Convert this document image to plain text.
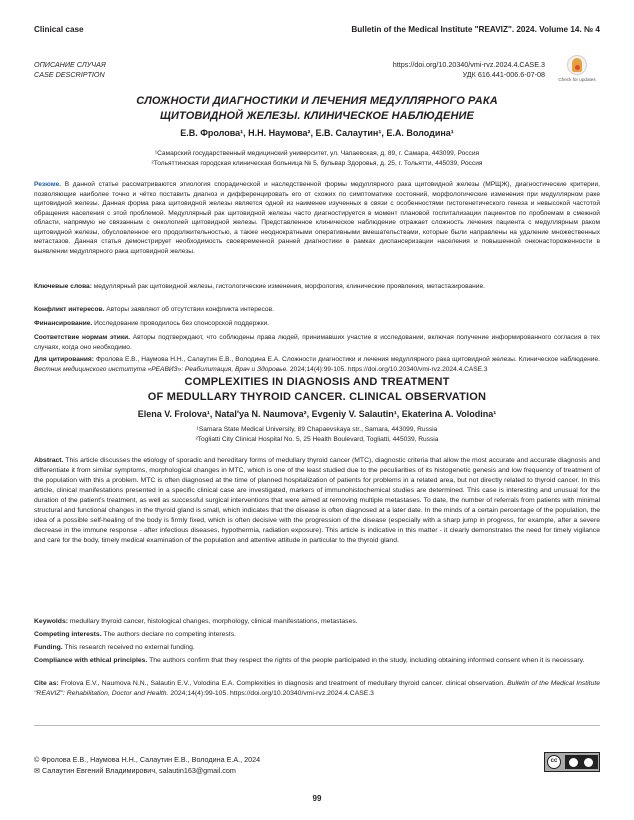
Clinical case	Bulletin of the Medical Institute "REAVIZ". 2024. Volume 14. № 4
ОПИСАНИЕ СЛУЧАЯ
CASE DESCRIPTION
https://doi.org/10.20340/vmi-rvz.2024.4.CASE.3
УДК 616.441-006.6-07-08
Check for updates
СЛОЖНОСТИ ДИАГНОСТИКИ И ЛЕЧЕНИЯ МЕДУЛЛЯРНОГО РАКА
ЩИТОВИДНОЙ ЖЕЛЕЗЫ. КЛИНИЧЕСКОЕ НАБЛЮДЕНИЕ
Е.В. Фролова¹, Н.Н. Наумова², Е.В. Салаутин¹, Е.А. Володина¹
¹Самарский государственный медицинский университет, ул. Чапаевская, д. 89, г. Самара, 443099, Россия
²Тольяттинская городская клиническая больница № 5, бульвар Здоровья, д. 25, г. Тольятти, 445039, Россия
Резюме. В данной статье рассматриваются этиология спорадической и наследственной формы медуллярного рака щитовидной железы (МРЩЖ), диагностические критерии, позволяющие наиболее точно и чётко поставить диагноз и дифференцировать его от схожих по симптоматике состояний, морфологические изменения при медуллярном раке щитовидной железы. Данная форма рака щитовидной железы является одной из наименее изученных в связи с особенностями гистогенетического генеза и невысокой частотой обращения населения с этой проблемой. Медуллярный рак щитовидной железы часто диагностируется в момент плановой госпитализации пациентов по проблемам в смежной области, напрямую не связанным с онкологией щитовидной железы. Представленное клиническое наблюдение отражает сложность лечения пациента с медуллярным раком щитовидной железы, обусловленное его продолжительностью, а также неоднократными оперативными вмешательствами, которые были направлены на удаление множественных метастазов. Данная статья демонстрирует необходимость своевременной ранней диагностики в рамках диспансеризации населения и повышенной онконастороженности в выявлении медуллярного рака щитовидной железы.
Ключевые слова: медуллярный рак щитовидной железы, гистологические изменения, морфология, клинические проявления, метастазирование.
Конфликт интересов. Авторы заявляют об отсутствии конфликта интересов.
Финансирование. Исследование проводилось без спонсорской поддержки.
Соответствие нормам этики. Авторы подтверждают, что соблюдены права людей, принимавших участие в исследовании, включая получение информированного согласия в тех случаях, когда оно необходимо.
Для цитирования: Фролова Е.В., Наумова Н.Н., Салаутин Е.В., Володина Е.А. Сложности диагностики и лечения медуллярного рака щитовидной железы. Клиническое наблюдение. Вестник медицинского института «РЕАВИЗ»: Реабилитация, Врач и Здоровье. 2024;14(4):99-105. https://doi.org/10.20340/vmi-rvz.2024.4.CASE.3
COMPLEXITIES IN DIAGNOSIS AND TREATMENT
OF MEDULLARY THYROID CANCER. CLINICAL OBSERVATION
Elena V. Frolova¹, Natal'ya N. Naumova², Evgeniy V. Salautin¹, Ekaterina A. Volodina¹
¹Samara State Medical University, 89 Chapaevskaya str., Samara, 443099, Russia
²Togliatti City Clinical Hospital No. 5, 25 Health Boulevard, Togliatti, 445039, Russia
Abstract. This article discusses the etiology of sporadic and hereditary forms of medullary thyroid cancer (MTC), diagnostic criteria that allow the most accurate and accurate diagnosis and differentiate it from similar symptoms, morphological changes in MTC, which is one of the least studied due to the peculiarities of its histogenetic genesis and low frequency of treatment of the population with this a problem. MTC is often diagnosed at the time of planned hospitalization of patients for problems in a related area, but not directly related to thyroid cancer. In this article, clinical manifestations presented in a specific clinical case are investigated, markers of immunohistochemical studies are determined. This case is interesting and unusual for the duration of the patient's treatment, as well as successful surgical interventions that were aimed at removing multiple metastases. To date, the number of referrals from patients with minimal structural and functional changes in the thyroid gland is small, which indicates that the disease is often diagnosed at a later date. In the minds of a certain percentage of the population, the idea of a possible self-healing of the body is firmly fixed, which is often decisive with the progression of the disease (especially with a sharp jump in progress, for example, after a severe decrease in the immune response - after infectious diseases, hypothermia, radiation exposure). This article is indicative in this matter - it clearly demonstrates the need for timely vigilance and care for the body, timely medical examination of the population and attentive attitude in particular to the thyroid gland.
Keywolds: medullary thyroid cancer, histological changes, morphology, clinical manifestations, metastases.
Competing interests. The authors declare no competing interests.
Funding. This research received no external funding.
Compliance with ethical principles. The authors confirm that they respect the rights of the people participated in the study, including obtaining informed consent when it is necessary.
Cite as: Frolova E.V., Naumova N.N., Salautin E.V., Volodina E.A. Complexities in diagnosis and treatment of medullary thyroid cancer. clinical observation. Bulletin of the Medical Institute "REAVIZ": Rehabilitation, Doctor and Health. 2024;14(4):99-105. https://doi.org/10.20340/vmi-rvz.2024.4.CASE.3
© Фролова Е.В., Наумова Н.Н., Салаутин Е.В., Володина Е.А., 2024
✉ Салаутин Евгений Владимирович, salautin163@gmail.com
cc
99
